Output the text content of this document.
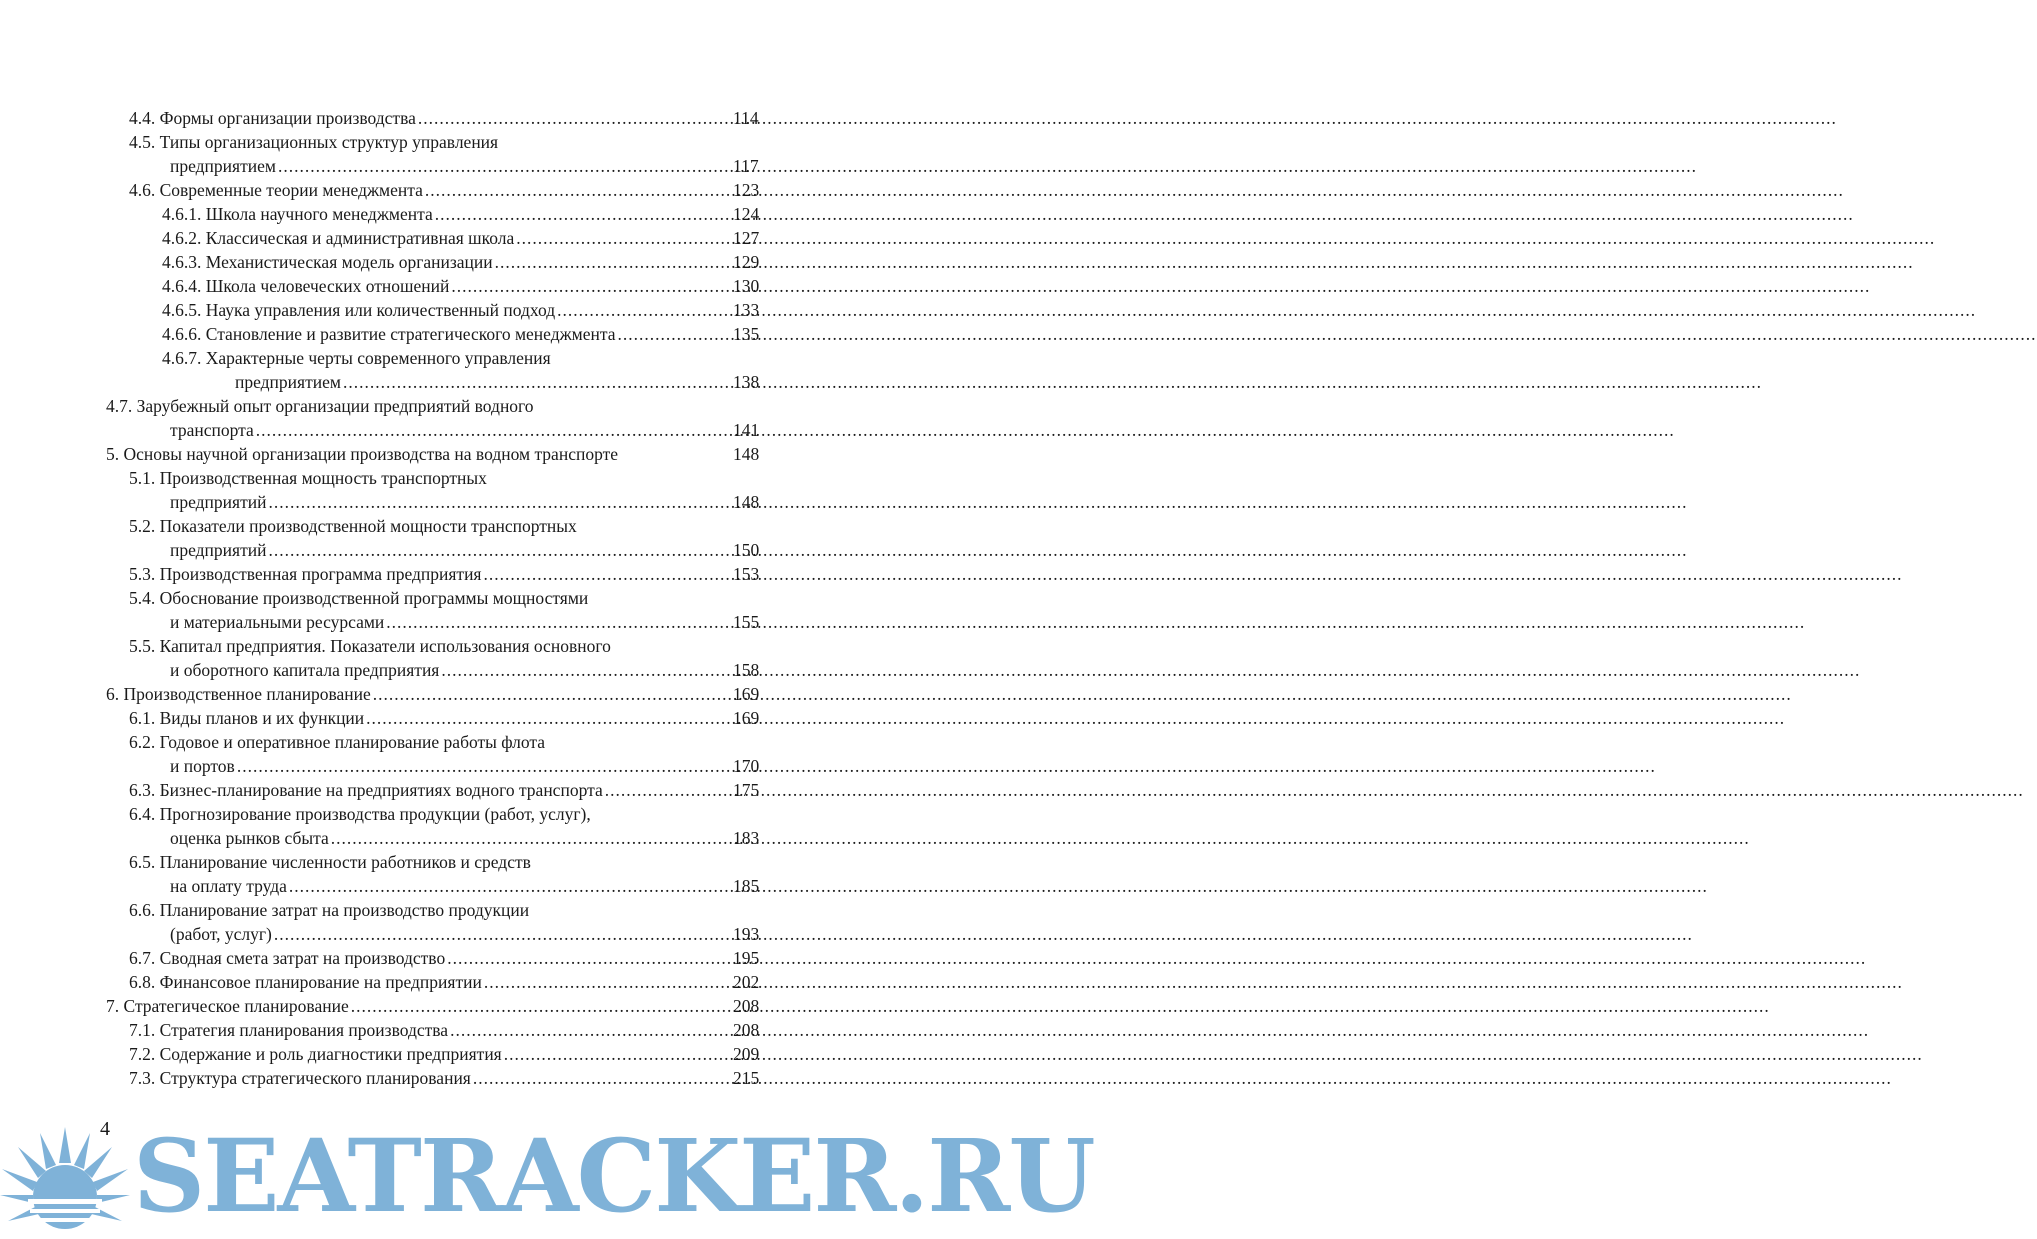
4.4. Формы организации производства .....	114
4.5. Типы организационных структур управления
предприятием .....	117
4.6. Современные теории менеджмента .....	123
4.6.1. Школа научного менеджмента .....	124
4.6.2. Классическая и административная школа .....	127
4.6.3. Механистическая модель организации .....	129
4.6.4. Школа человеческих отношений .....	130
4.6.5. Наука управления или количественный подход .....	133
4.6.6. Становление и развитие стратегического менеджмента .....	135
4.6.7. Характерные черты современного управления
предприятием .....	138
4.7. Зарубежный опыт организации предприятий водного
транспорта .....	141
5. Основы научной организации производства на водном транспорте	148
5.1. Производственная мощность транспортных
предприятий .....	148
5.2. Показатели производственной мощности транспортных
предприятий .....	150
5.3. Производственная программа предприятия .....	153
5.4. Обоснование производственной программы мощностями
и материальными ресурсами .....	155
5.5. Капитал предприятия. Показатели использования основного
и оборотного капитала предприятия .....	158
6. Производственное планирование .....	169
6.1. Виды планов и их функции .....	169
6.2. Годовое и оперативное планирование работы флота
и портов .....	170
6.3. Бизнес-планирование на предприятиях водного транспорта .....	175
6.4. Прогнозирование производства продукции (работ, услуг),
оценка рынков сбыта .....	183
6.5. Планирование численности работников и средств
на оплату труда .....	185
6.6. Планирование затрат на производство продукции
(работ, услуг) .....	193
6.7. Сводная смета затрат на производство .....	195
6.8. Финансовое планирование на предприятии .....	202
7. Стратегическое планирование .....	208
7.1. Стратегия планирования производства .....	208
7.2. Содержание и роль диагностики предприятия .....	209
7.3. Структура стратегического планирования .....	215
4 SEATRACKER.RU
